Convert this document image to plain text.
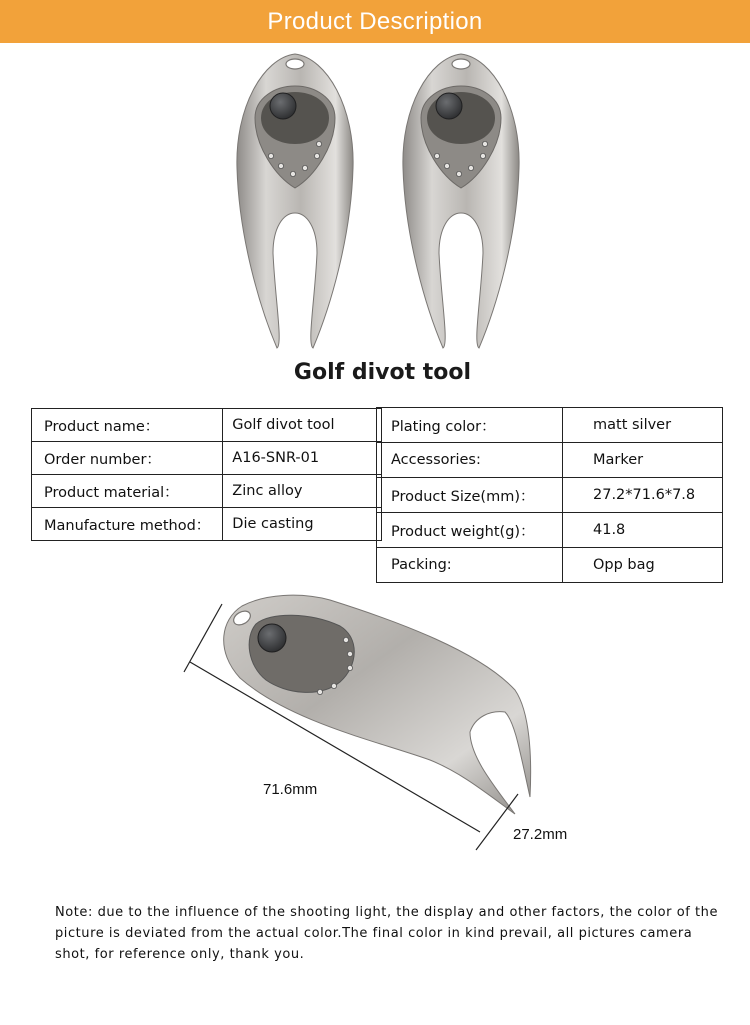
Product Description
Golf divot tool
Product name：	Golf divot tool
Order number：	A16-SNR-01
Product material：	Zinc alloy
Manufacture method：	Die casting
Plating color：	matt silver
Accessories:	Marker
Product Size(mm)：	27.2*71.6*7.8
Product weight(g)：	41.8
Packing:	Opp bag
71.6mm
27.2mm
Note: due to the influence of the shooting light, the display and other factors, the color of the picture is deviated from the actual color.The final color in kind prevail, all pictures camera shot, for reference only, thank you.
